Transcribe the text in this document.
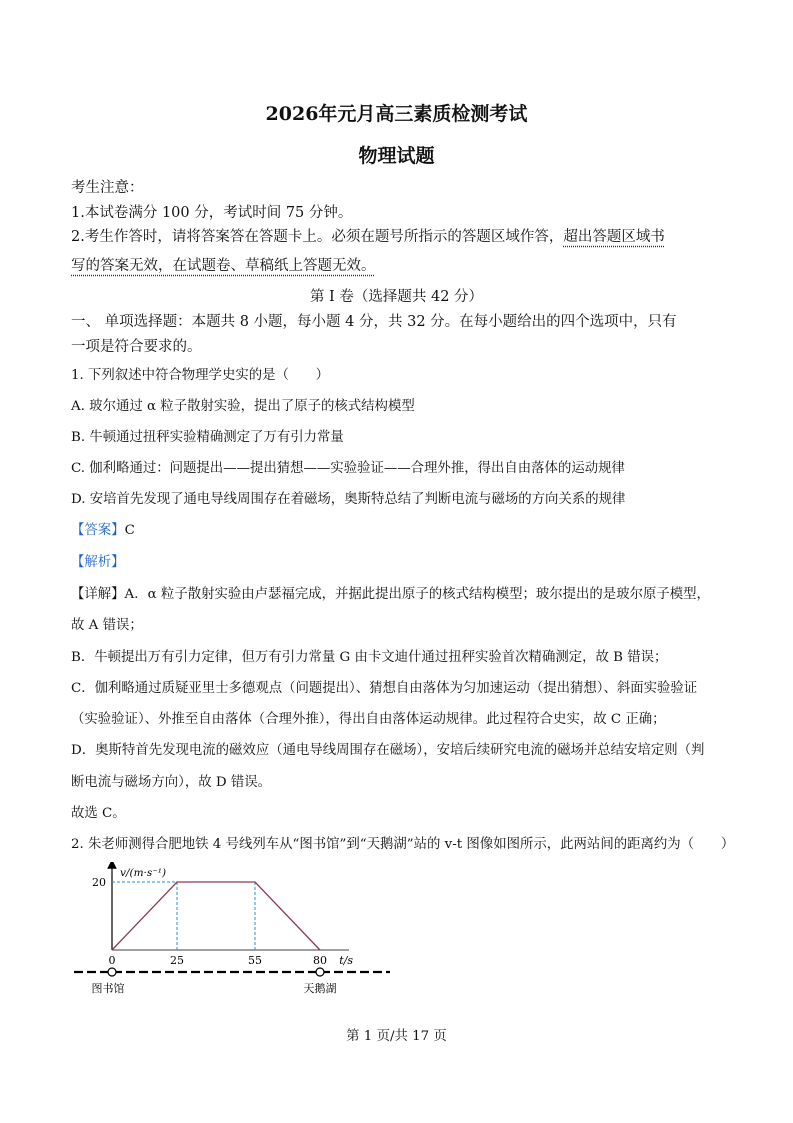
2026年元月高三素质检测考试
物理试题
考生注意：
1.本试卷满分 100 分，考试时间 75 分钟。
2.考生作答时，请将答案答在答题卡上。必须在题号所指示的答题区域作答，超出答题区域书
写的答案无效，在试题卷、草稿纸上答题无效。
第 I 卷（选择题共 42 分）
一、 单项选择题：本题共 8 小题，每小题 4 分，共 32 分。在每小题给出的四个选项中，只有
一项是符合要求的。
1. 下列叙述中符合物理学史实的是（　　）
A. 玻尔通过 α 粒子散射实验，提出了原子的核式结构模型
B. 牛顿通过扭秤实验精确测定了万有引力常量
C. 伽利略通过：问题提出——提出猜想——实验验证——合理外推，得出自由落体的运动规律
D. 安培首先发现了通电导线周围存在着磁场，奥斯特总结了判断电流与磁场的方向关系的规律
【答案】C
【解析】
【详解】A．α 粒子散射实验由卢瑟福完成，并据此提出原子的核式结构模型；玻尔提出的是玻尔原子模型，
故 A 错误；
B．牛顿提出万有引力定律，但万有引力常量 G 由卡文迪什通过扭秤实验首次精确测定，故 B 错误；
C．伽利略通过质疑亚里士多德观点（问题提出）、猜想自由落体为匀加速运动（提出猜想）、斜面实验验证
（实验验证）、外推至自由落体（合理外推），得出自由落体运动规律。此过程符合史实，故 C 正确；
D．奥斯特首先发现电流的磁效应（通电导线周围存在磁场），安培后续研究电流的磁场并总结安培定则（判
断电流与磁场方向），故 D 错误。
故选 C。
2. 朱老师测得合肥地铁 4 号线列车从“图书馆”到“天鹅湖”站的 v-t 图像如图所示，此两站间的距离约为（　　）
v/(m·s⁻¹)
20
0	25	55	80 t/s
图书馆	天鹅湖
第 1 页/共 17 页
